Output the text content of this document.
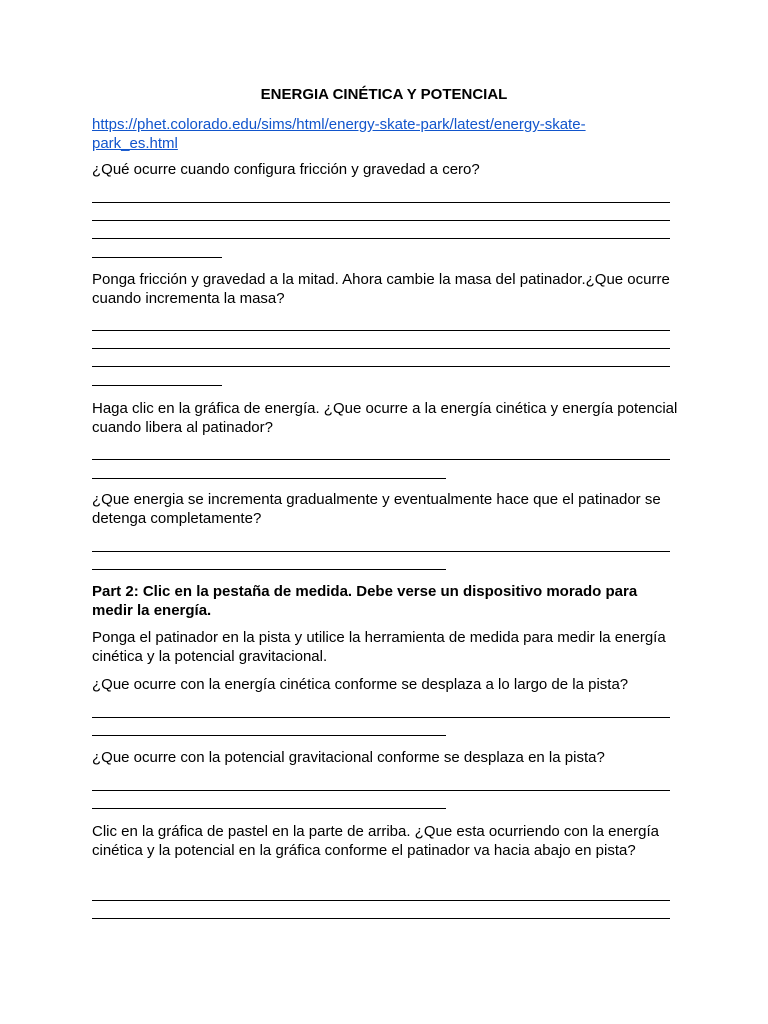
ENERGIA CINÉTICA Y POTENCIAL
https://phet.colorado.edu/sims/html/energy-skate-park/latest/energy-skate-park_es.html
¿Qué ocurre cuando configura fricción y gravedad a cero?
Ponga fricción y gravedad a la mitad. Ahora cambie la masa del patinador.¿Que ocurre cuando incrementa la masa?
Haga clic en la gráfica de energía. ¿Que ocurre a la energía cinética y energía potencial cuando libera al patinador?
¿Que energia se incrementa gradualmente y eventualmente hace que el patinador se detenga completamente?
Part 2: Clic en la pestaña de medida. Debe verse un dispositivo morado para medir la energía.
Ponga el patinador en la pista y utilice la herramienta de medida para medir la energía cinética y la potencial gravitacional.
¿Que ocurre con la energía cinética conforme se desplaza a lo largo de la pista?
¿Que ocurre con la potencial gravitacional conforme se desplaza en la pista?
Clic en la gráfica de pastel en la parte de arriba. ¿Que esta ocurriendo con la energía cinética y la potencial en la gráfica conforme el patinador va hacia abajo en pista?
